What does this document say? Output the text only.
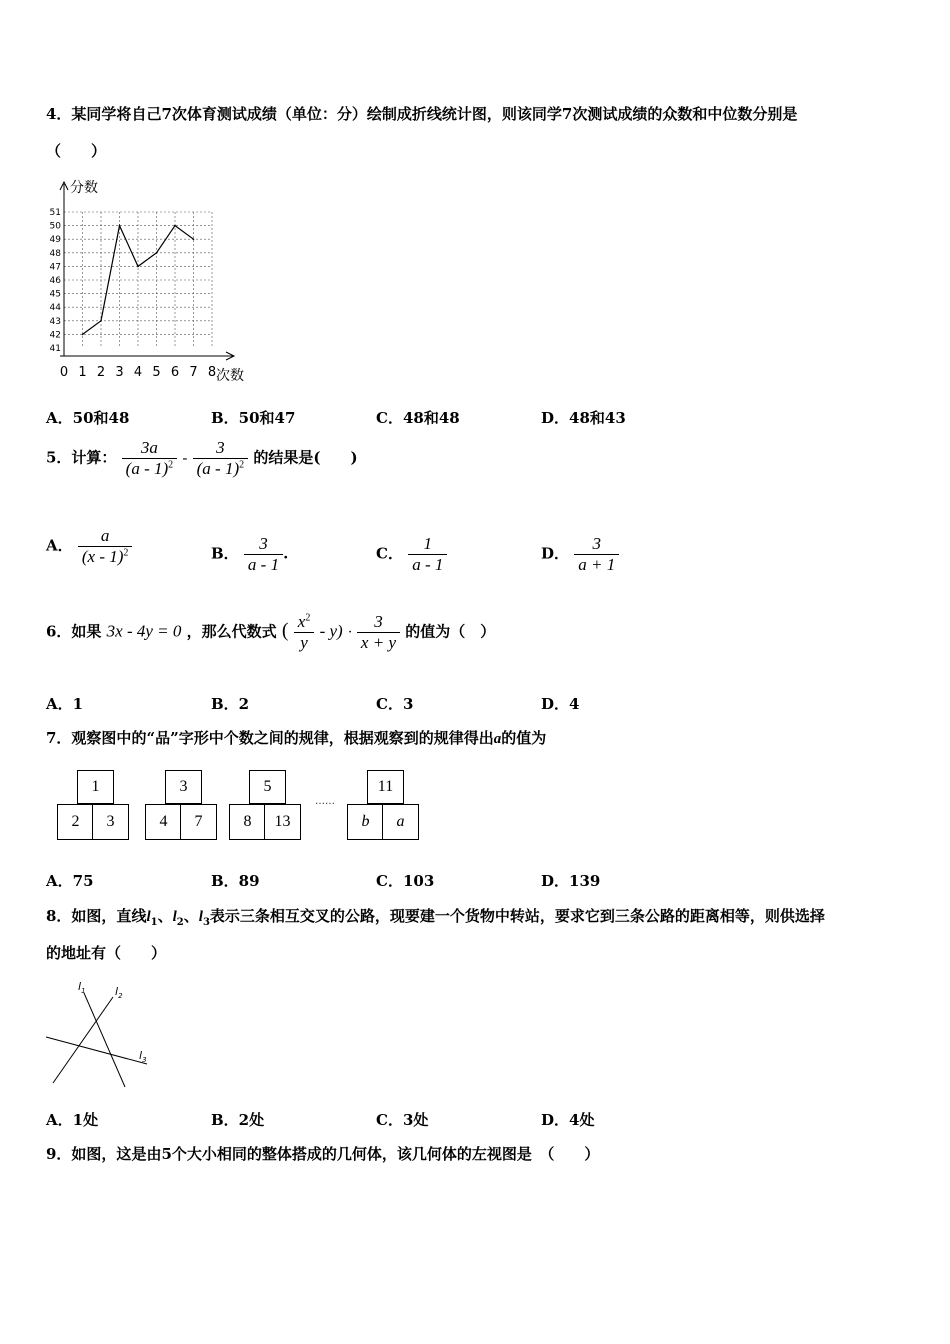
4．某同学将自己7次体育测试成绩（单位：分）绘制成折线统计图，则该同学7次测试成绩的众数和中位数分别是
（　　）
0 1 2 3 4 5 6 7 8
41
42
43
44
45
46
47
48
49
50
51
分数
次数
A．50和48	B．50和47	C．48和48	D．48和43
5．计算： $\frac{3a}{(a - 1)^2} - \frac{3}{(a - 1)^2}$ 的结果是(　　)
A． $\frac{a}{(x - 1)^2}$	B． $\frac{3}{a - 1}$ .	C． $\frac{1}{a - 1}$	D． $\frac{3}{a + 1}$
6．如果 3x - 4y = 0 ，那么代数式 ( $\frac{x^2}{y} - y) \cdot \frac{3}{x + y}$ 的值为（　）
A．1	B．2	C．3	D．4
7．观察图中的“品”字形中个数之间的规律，根据观察到的规律得出a的值为
1
2	3
3
4	7
5
8	13
……
11
b	a
A．75	B．89	C．103	D．139
8．如图，直线$l_1$、$l_2$、$l_3$表示三条相互交叉的公路，现要建一个货物中转站，要求它到三条公路的距离相等，则供选择
的地址有（　　）
$l_1$	$l_2$
$l_3$
A．1处	B．2处	C．3处	D．4处
9．如图，这是由5个大小相同的整体搭成的几何体，该几何体的左视图是　（　　）
